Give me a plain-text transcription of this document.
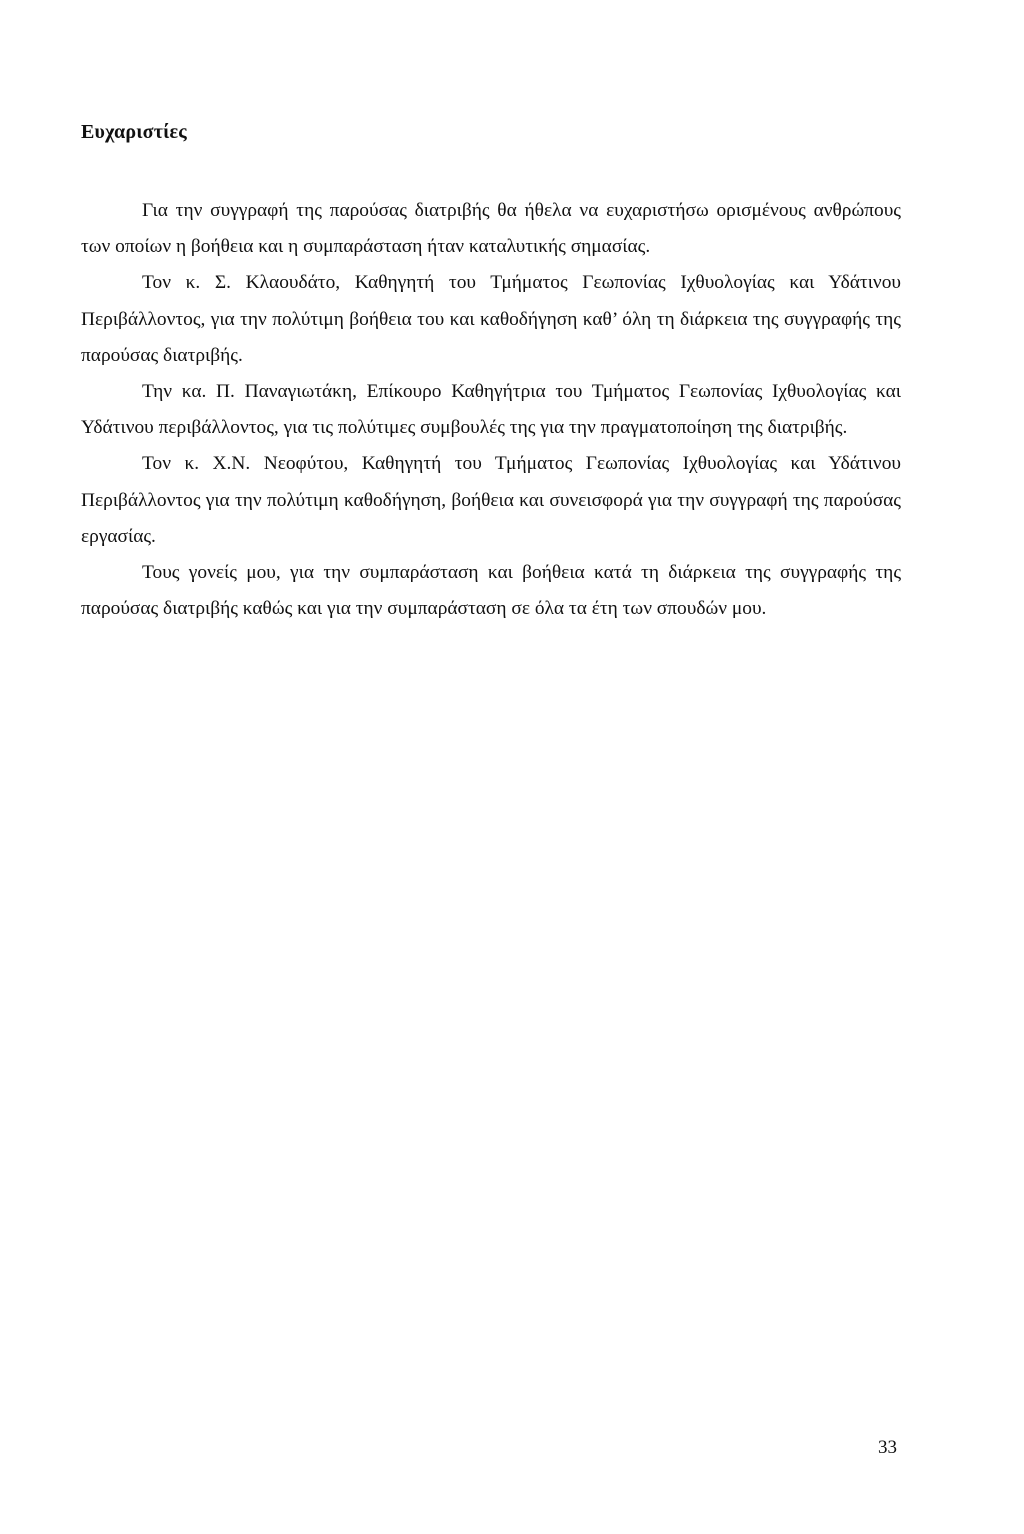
Ευχαριστίες

Για την συγγραφή της παρούσας διατριβής θα ήθελα να ευχαριστήσω ορισμένους ανθρώπους των οποίων η βοήθεια και η συμπαράσταση ήταν καταλυτικής σημασίας.

Τον κ. Σ. Κλαουδάτο, Καθηγητή του Τμήματος Γεωπονίας Ιχθυολογίας και Υδάτινου Περιβάλλοντος, για την πολύτιμη βοήθεια του και καθοδήγηση καθ’ όλη τη διάρκεια της συγγραφής της παρούσας διατριβής.

Την κα. Π. Παναγιωτάκη, Επίκουρο Καθηγήτρια του Τμήματος Γεωπονίας Ιχθυολογίας και Υδάτινου περιβάλλοντος, για τις πολύτιμες συμβουλές της για την πραγματοποίηση της διατριβής.

Τον κ. Χ.Ν. Νεοφύτου, Καθηγητή του Τμήματος Γεωπονίας Ιχθυολογίας και Υδάτινου Περιβάλλοντος για την πολύτιμη καθοδήγηση, βοήθεια και συνεισφορά για την συγγραφή της παρούσας εργασίας.

Τους γονείς μου, για την συμπαράσταση και βοήθεια κατά τη διάρκεια της συγγραφής της παρούσας διατριβής καθώς και για την συμπαράσταση σε όλα τα έτη των σπουδών μου.

33
